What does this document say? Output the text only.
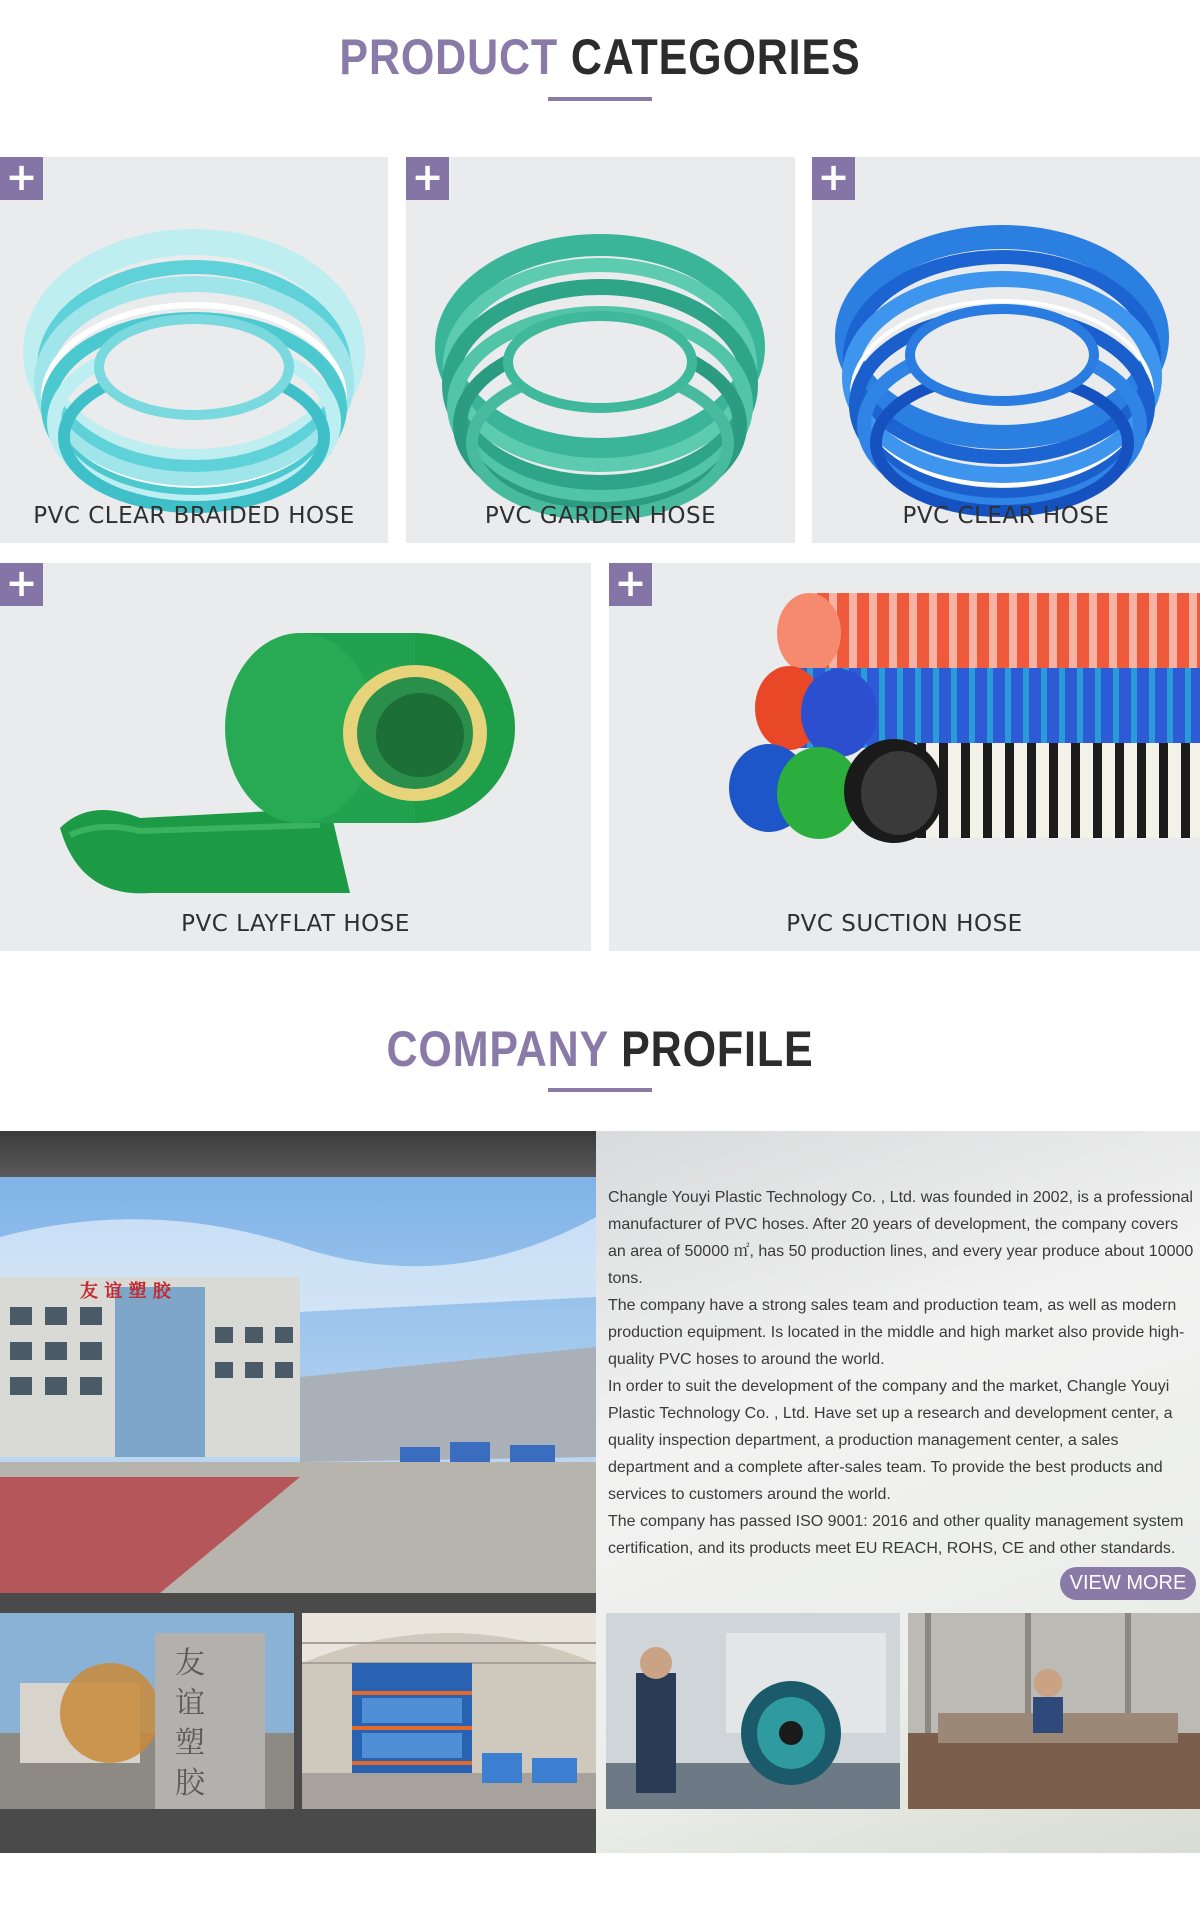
PRODUCT CATEGORIES
+
PVC CLEAR BRAIDED HOSE
+
PVC GARDEN HOSE
+
PVC CLEAR HOSE
+
PVC LAYFLAT HOSE
+
PVC SUCTION HOSE
COMPANY PROFILE
友 谊 塑 胶
友
谊
塑
胶

Changle Youyi Plastic Technology Co. , Ltd. was founded in 2002, is a professional manufacturer of PVC hoses. After 20 years of development, the company covers an area of 50000 ㎡, has 50 production lines, and every year produce about 10000 tons.

The company have a strong sales team and production team, as well as modern production equipment. Is located in the middle and high market also provide high-quality PVC hoses to around the world.

In order to suit the development of the company and the market, Changle Youyi Plastic Technology Co. , Ltd. Have set up a research and development center, a quality inspection department, a production management center, a sales department and a complete after-sales team. To provide the best products and services to customers around the world.

The company has passed ISO 9001: 2016 and other quality management system certification, and its products meet EU REACH, ROHS, CE and other standards.

VIEW MORE
